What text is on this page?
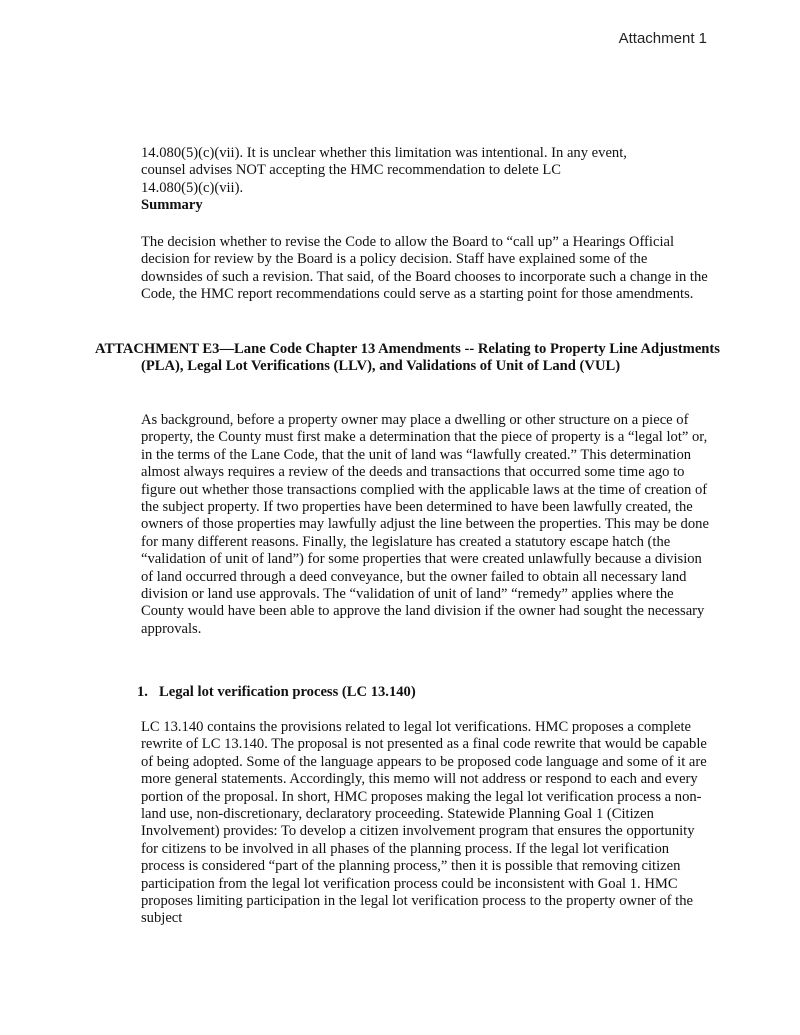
Attachment 1
14.080(5)(c)(vii). It is unclear whether this limitation was intentional. In any event,
counsel advises NOT accepting the HMC recommendation to delete LC
14.080(5)(c)(vii).
Summary

The decision whether to revise the Code to allow the Board to “call up” a Hearings Official decision for review by the Board is a policy decision. Staff have explained some of the downsides of such a revision. That said, of the Board chooses to incorporate such a change in the Code, the HMC report recommendations could serve as a starting point for those amendments.

ATTACHMENT E3—Lane Code Chapter 13 Amendments -- Relating to Property Line Adjustments (PLA), Legal Lot Verifications (LLV), and Validations of Unit of Land (VUL)

As background, before a property owner may place a dwelling or other structure on a piece of property, the County must first make a determination that the piece of property is a “legal lot” or, in the terms of the Lane Code, that the unit of land was “lawfully created.” This determination almost always requires a review of the deeds and transactions that occurred some time ago to figure out whether those transactions complied with the applicable laws at the time of creation of the subject property. If two properties have been determined to have been lawfully created, the owners of those properties may lawfully adjust the line between the properties. This may be done for many different reasons. Finally, the legislature has created a statutory escape hatch (the “validation of unit of land”) for some properties that were created unlawfully because a division of land occurred through a deed conveyance, but the owner failed to obtain all necessary land division or land use approvals. The “validation of unit of land” “remedy” applies where the County would have been able to approve the land division if the owner had sought the necessary approvals.

1. Legal lot verification process (LC 13.140)

LC 13.140 contains the provisions related to legal lot verifications. HMC proposes a complete rewrite of LC 13.140. The proposal is not presented as a final code rewrite that would be capable of being adopted. Some of the language appears to be proposed code language and some of it are more general statements. Accordingly, this memo will not address or respond to each and every portion of the proposal. In short, HMC proposes making the legal lot verification process a non-land use, non-discretionary, declaratory proceeding. Statewide Planning Goal 1 (Citizen Involvement) provides: To develop a citizen involvement program that ensures the opportunity for citizens to be involved in all phases of the planning process. If the legal lot verification process is considered “part of the planning process,” then it is possible that removing citizen participation from the legal lot verification process could be inconsistent with Goal 1. HMC proposes limiting participation in the legal lot verification process to the property owner of the subject
